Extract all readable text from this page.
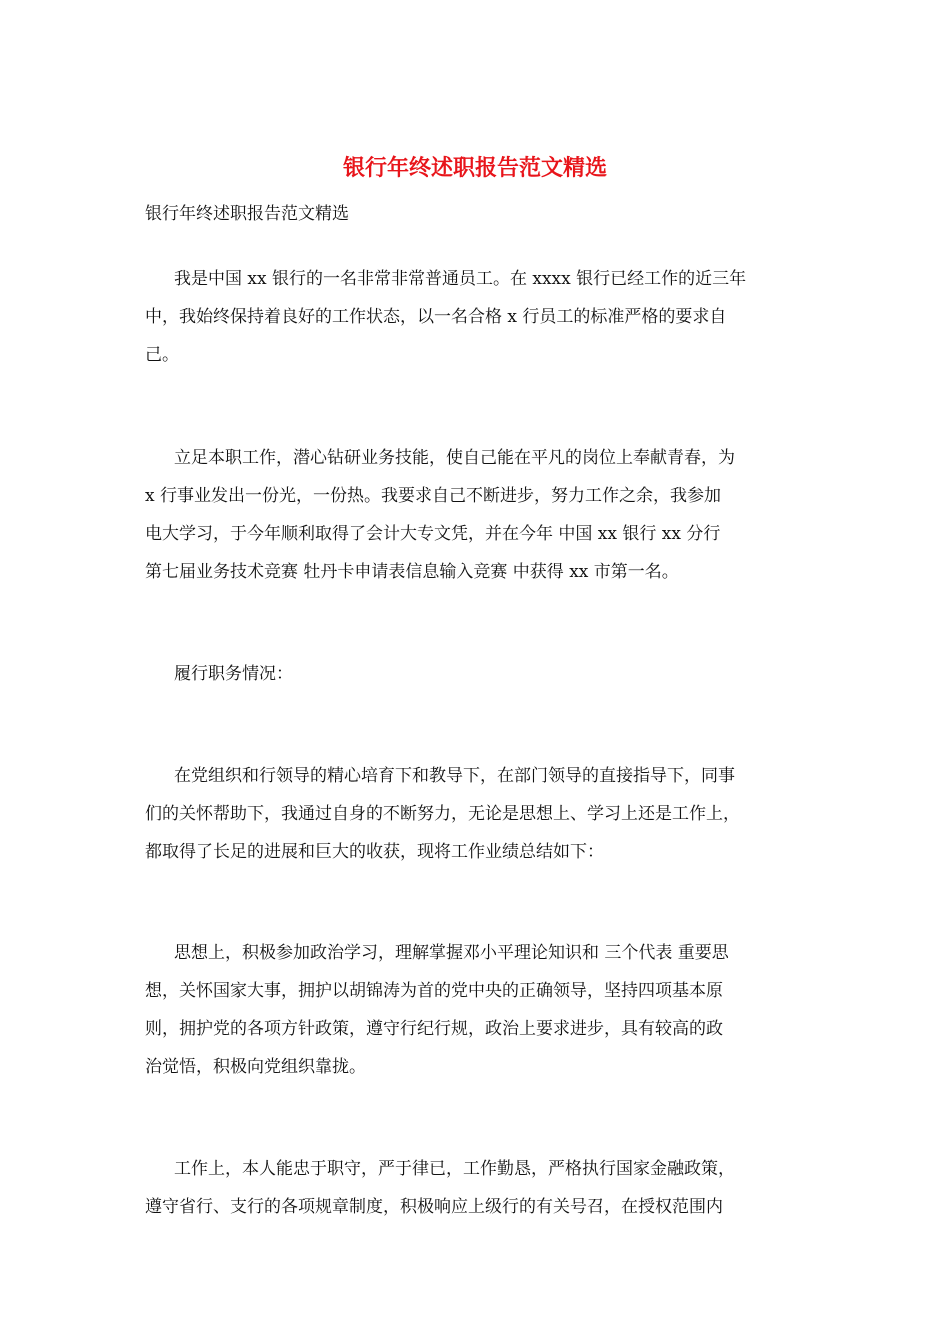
银行年终述职报告范文精选
银行年终述职报告范文精选
我是中国 xx 银行的一名非常非常普通员工。在 xxxx 银行已经工作的近三年
中，我始终保持着良好的工作状态，以一名合格 x 行员工的标准严格的要求自
己。
立足本职工作，潜心钻研业务技能，使自己能在平凡的岗位上奉献青春，为
x 行事业发出一份光，一份热。我要求自己不断进步，努力工作之余，我参加
电大学习，于今年顺利取得了会计大专文凭，并在今年 中国 xx 银行 xx 分行
第七届业务技术竞赛 牡丹卡申请表信息输入竞赛 中获得 xx 市第一名。
履行职务情况：
在党组织和行领导的精心培育下和教导下，在部门领导的直接指导下，同事
们的关怀帮助下，我通过自身的不断努力，无论是思想上、学习上还是工作上，
都取得了长足的进展和巨大的收获，现将工作业绩总结如下：
思想上，积极参加政治学习，理解掌握邓小平理论知识和 三个代表 重要思
想，关怀国家大事，拥护以胡锦涛为首的党中央的正确领导，坚持四项基本原
则，拥护党的各项方针政策，遵守行纪行规，政治上要求进步，具有较高的政
治觉悟，积极向党组织靠拢。
工作上，本人能忠于职守，严于律已，工作勤恳，严格执行国家金融政策，
遵守省行、支行的各项规章制度，积极响应上级行的有关号召，在授权范围内
